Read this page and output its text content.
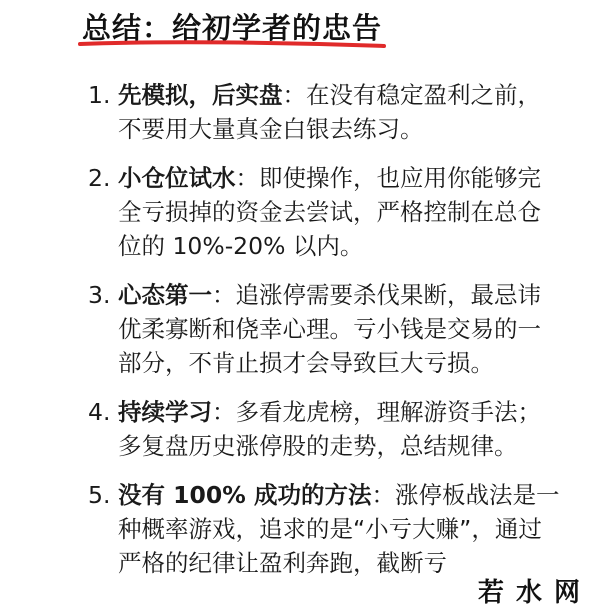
总结：给初学者的忠告
1. 先模拟，后实盘：在没有稳定盈利之前，
不要用大量真金白银去练习。
2. 小仓位试水：即使操作，也应用你能够完
全亏损掉的资金去尝试，严格控制在总仓
位的 10%-20% 以内。
3. 心态第一：追涨停需要杀伐果断，最忌讳
优柔寡断和侥幸心理。亏小钱是交易的一
部分，不肯止损才会导致巨大亏损。
4. 持续学习：多看龙虎榜，理解游资手法；
多复盘历史涨停股的走势，总结规律。
5. 没有 100% 成功的方法：涨停板战法是一
种概率游戏，追求的是“小亏大赚”，通过
严格的纪律让盈利奔跑，截断亏
若水网
